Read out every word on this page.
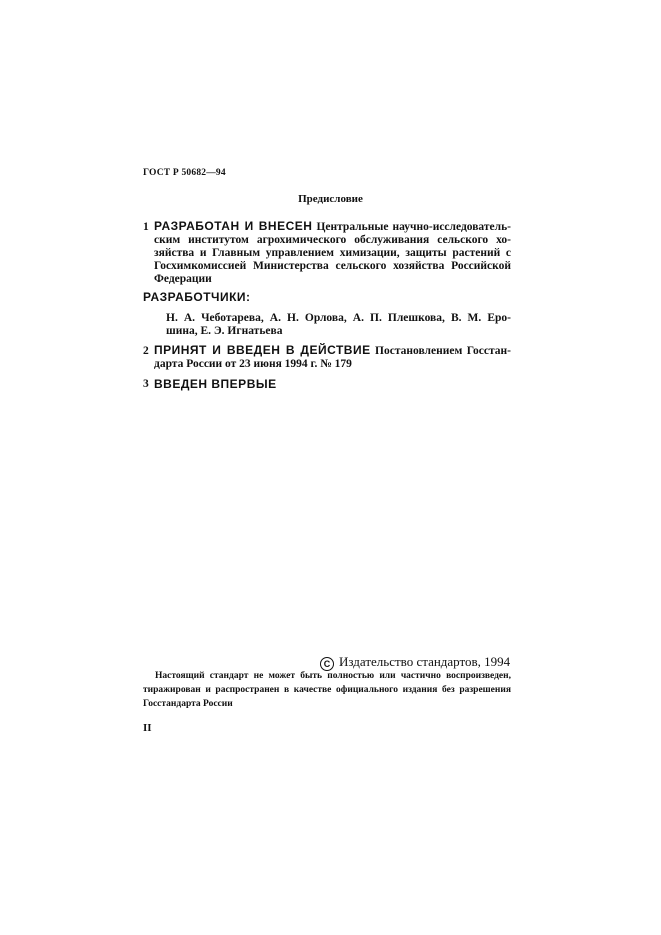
ГОСТ Р 50682—94
Предисловие
1 РАЗРАБОТАН И ВНЕСЕН Центральные научно-исследователь-
ским институтом агрохимического обслуживания сельского хо-
зяйства и Главным управлением химизации, защиты растений с
Госхимкомиссией Министерства сельского хозяйства Российской
Федерации
РАЗРАБОТЧИКИ:
Н. А. Чеботарева, А. Н. Орлова, А. П. Плешкова, В. М. Еро-
шина, Е. Э. Игнатьева
2 ПРИНЯТ И ВВЕДЕН В ДЕЙСТВИЕ Постановлением Госстан-
дарта России от 23 июня 1994 г. № 179
3 ВВЕДЕН ВПЕРВЫЕ
C Издательство стандартов, 1994
Настоящий стандарт не может быть полностью или частично воспроизведен,
тиражирован и распространен в качестве официального издания без разрешения
Госстандарта России
II
